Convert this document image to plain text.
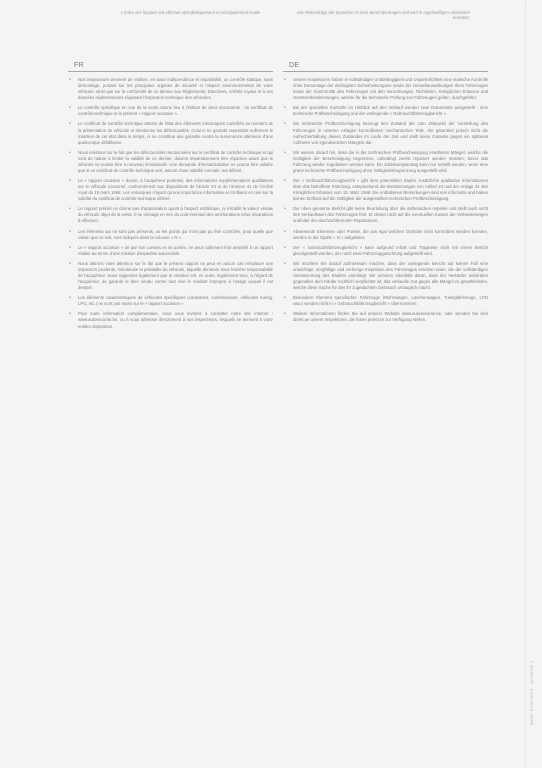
L'ordre des langues est effectué alphabétiquement et principalement inutile	Die Reihenfolge der Sprachen ist dem Beruf übertragen und wird in regelmäßigen Abständen erweitert.
FR
•	Nos inspecteurs viennent de réaliser, en toute indépendance et impartialité, un contrôle statique, sans démontage, portant sur les principaux organes de sécurité et l'aspect environnemental de votre véhicule, ainsi que sur la conformité de ce dernier aux Règlements, Directives, Arrêtés royaux et à ses données réglementaires régissant l'inspection technique des véhicules.
•	Le contrôle spécifique en vue de la vente donne lieu à l'édition de deux documents : un certificat de contrôle technique et le présent « rapport occasion ».
•	Le certificat de contrôle technique atteste de l'état des éléments mécaniques contrôlés au moment de la présentation du véhicule et mentionne les défectuosités. Celui-ci ne garantit cependant nullement le maintien de cet état dans le temps, ni ne constitue une garantie contre la survenance ultérieure d'une quelconque défaillance.
•	Nous insistons sur le fait que les défectuosités mentionnées sur le certificat de contrôle technique et qui sont de nature à limiter la validité de ce dernier, doivent impérativement être réparées avant que le véhicule ne puisse être à nouveau immatriculé. Une demande d'immatriculation ne pourra être validée que si un certificat de contrôle technique vert, assorti d'une validité normale, est délivré.
•	Le « rapport occasion » donne, à l'acquéreur potentiel, des informations supplémentaires qualitatives sur le véhicule concerné, conformément aux dispositions de l'article 23 et de l'annexe 41 de l'Arrêté royal du 15 mars 1968. Les remarques n'ayant qu'une importance informative et n'influent en rien sur la validité du certificat de contrôle technique délivré.
•	Le rapport précité ne donne pas d'appréciation quant à l'aspect esthétique, ni n'établit la valeur vénale du véhicule objet de la vente. Il ne présage en rien du coût éventuel des améliorations et/ou réparations à effectuer.
•	Les éléments qui ne sont pas présents, ou les points qui n'ont pas pu être contrôlés, pour quelle que raison que ce soit, sont indiqués dans la colonne « N ».
•	Le « rapport occasion » de par son contenu et sa portée, ne peut nullement être assimilé à un rapport réalisé au terme d'une mission d'expertise automobile.
•	Nous attirons votre attention sur le fait que le présent rapport ne peut en aucun cas remplacer une inspection prudente, minutieuse et préalable du véhicule, laquelle demeure sous l'entière responsabilité de l'acquéreur. Nous rappelons également que le vendeur est, en outre, légalement tenu, à l'égard de l'acquéreur, de garantir le bien vendu contre tout vice le rendant impropre à l'usage auquel il est destiné.
•	Les éléments caractéristiques de véhicules spécifiques (caravanes, combinaisons, véhicules tuning, LPG, etc.) ne sont pas repris sur le « rapport occasion ».
•	Pour toute information complémentaire, nous vous invitons à consulter notre site internet : www.autosecurite.be, ou à vous adresser directement à nos inspecteurs, lesquels se tiennent à votre entière disposition.
DE
•	Unsere Inspektoren haben in vollständiger Unabhängigkeit und Unparteilichkeit eine statische Kontrolle ohne Demontage der wichtigsten Sicherheitsorgane sowie der Umweltauswirkungen Ihres Fahrzeuges sowie der Konformität des Fahrzeuges mit den Verordnungen, Richtlinien, Königlichen Erlassen und Gesetzesbestimmungen, welche für die technische Prüfung von Fahrzeugen gelten, durchgeführt.
•	Bei der speziellen Kontrolle im Hinblick auf den Verkauf werden zwei Dokumente ausgestellt : eine technische Prüfbescheinigung und der vorliegende « Gebrauchtfahrzeugbericht ».
•	Die technische Prüfbescheinigung bezeugt den Zustand der zum Zeitpunkt der Vorstellung des Fahrzeuges in unseren Anlagen kontrollierten mechanischen Teile. Sie garantiert jedoch nicht die Aufrechterhaltung dieses Zustandes im Laufe der Zeit und stellt keine Garantie gegen ein späteres Auftreten von irgendwelchen Mängeln dar.
•	Wir weisen darauf hin, dass die in der technischen Prüfbescheinigung erwähnten Mängel, welche die Gültigkeit der Bescheinigung begrenzen, unbedingt zuerst repariert werden müssen, bevor das Fahrzeug wieder zugelassen werden kann. Ein Zulassungsantrag kann nur erstellt werden, wenn eine grüne technische Prüfbescheinigung ohne Gültigkeitsbegrenzung ausgestellt wird.
•	Der « Gebrauchtfahrzeugbericht » gibt dem potentiellen Käufer zusätzliche qualitative Informationen über das betroffene Fahrzeug, entsprechend der Bestimmungen von Artikel 23 und der Anlage 41 des Königlichen Erlasses vom 15. März 1968. Die enthaltenen Bemerkungen sind rein informativ und haben keinen Einfluss auf die Gültigkeit der ausgestellten technischen Prüfbescheinigung.
•	Der oben genannte Bericht gibt keine Beurteilung über die ästhetischen Aspekte und stellt auch nicht den Verkaufswert des Fahrzeuges fest. Er deutet nicht auf die eventuellen Kosten der Verbesserungen und/oder der durchzuführenden Reparaturen.
•	Abwesende Elemente oder Punkte, die aus egal welchen Gründen nicht kontrolliert werden konnten, werden in der Spalte « N » aufgelistet.
•	Der « Gebrauchtfahrzeugbericht » kann aufgrund Inhalt und Tragweite nicht mit einem Bericht gleichgestellt werden, der nach einer Fahrzeuggutachtung aufgestellt wird.
•	Wir möchten Sie darauf aufmerksam machen, dass der vorliegende Bericht auf keinen Fall eine umsichtige, sorgfältige und vorherige Inspektion des Fahrzeuges ersetzen kann, die der vollständigen Verantwortung des Käufers unterliegt. Wir erinnern ebenfalls daran, dass der Verkäufer außerdem gegenüber dem Käufer rechtlich verpflichtet ist, das verkaufte Gut gegen alle Mängel zu gewährleisten, welche diese Sache für den ihr zugedachten Gebrauch untauglich macht.
•	Besondere Element spezifischer Fahrzeuge (Wohnwagen, Laschenwagen, Tuningfahrzeuge, LPG usw.) werden nicht in « Gebrauchtfahrzeugbericht » übernommen.
•	Weitere Informationen finden Sie auf unserer Website www.autosecurite.be, oder wenden Sie sich direkt an unsere Inspektoren, die Ihnen jederzeit zur Verfügung stellen.
MOD. 5/06/2013 - ANNEXE 2
